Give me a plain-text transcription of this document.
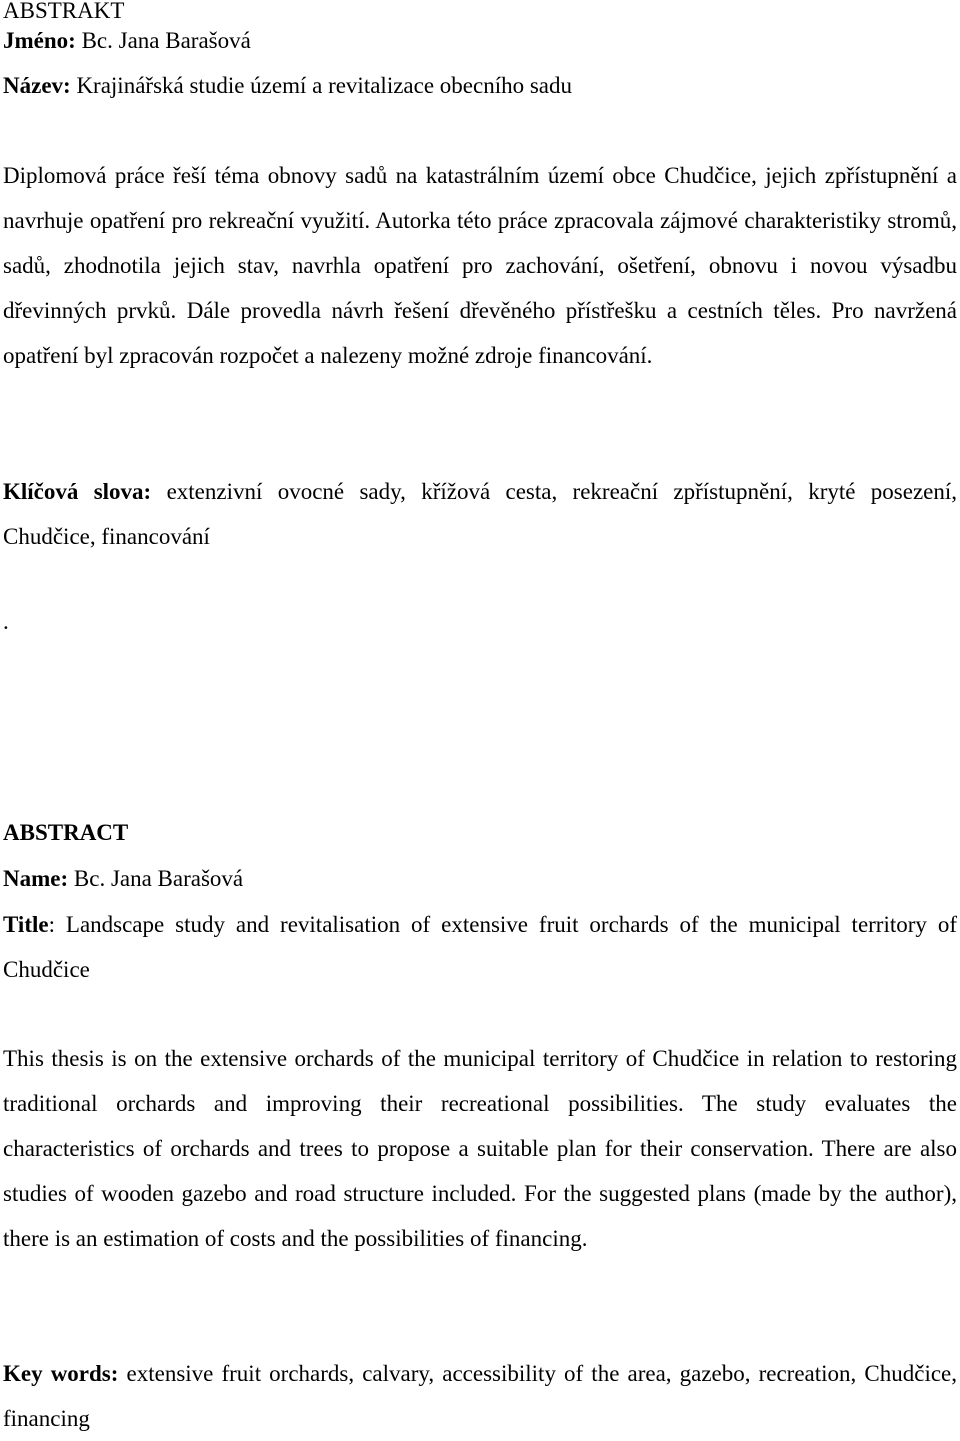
ABSTRAKT

Jméno: Bc. Jana Barašová

Název: Krajinářská studie území a revitalizace obecního sadu

Diplomová práce řeší téma obnovy sadů na katastrálním území obce Chudčice, jejich zpřístupnění a navrhuje opatření pro rekreační využití. Autorka této práce zpracovala zájmové charakteristiky stromů, sadů, zhodnotila jejich stav, navrhla opatření pro zachování, ošetření, obnovu i novou výsadbu dřevinných prvků. Dále provedla návrh řešení dřevěného přístřešku a cestních těles. Pro navržená opatření byl zpracován rozpočet a nalezeny možné zdroje financování.

Klíčová slova: extenzivní ovocné sady, křížová cesta, rekreační zpřístupnění, kryté posezení, Chudčice, financování

.

ABSTRACT

Name: Bc. Jana Barašová

Title: Landscape study and revitalisation of extensive fruit orchards of the municipal territory of Chudčice

This thesis is on the extensive orchards of the municipal territory of Chudčice in relation to restoring traditional orchards and improving their recreational possibilities. The study evaluates the characteristics of orchards and trees to propose a suitable plan for their conservation. There are also studies of wooden gazebo and road structure included. For the suggested plans (made by the author), there is an estimation of costs and the possibilities of financing.

Key words: extensive fruit orchards, calvary, accessibility of the area, gazebo, recreation, Chudčice, financing
